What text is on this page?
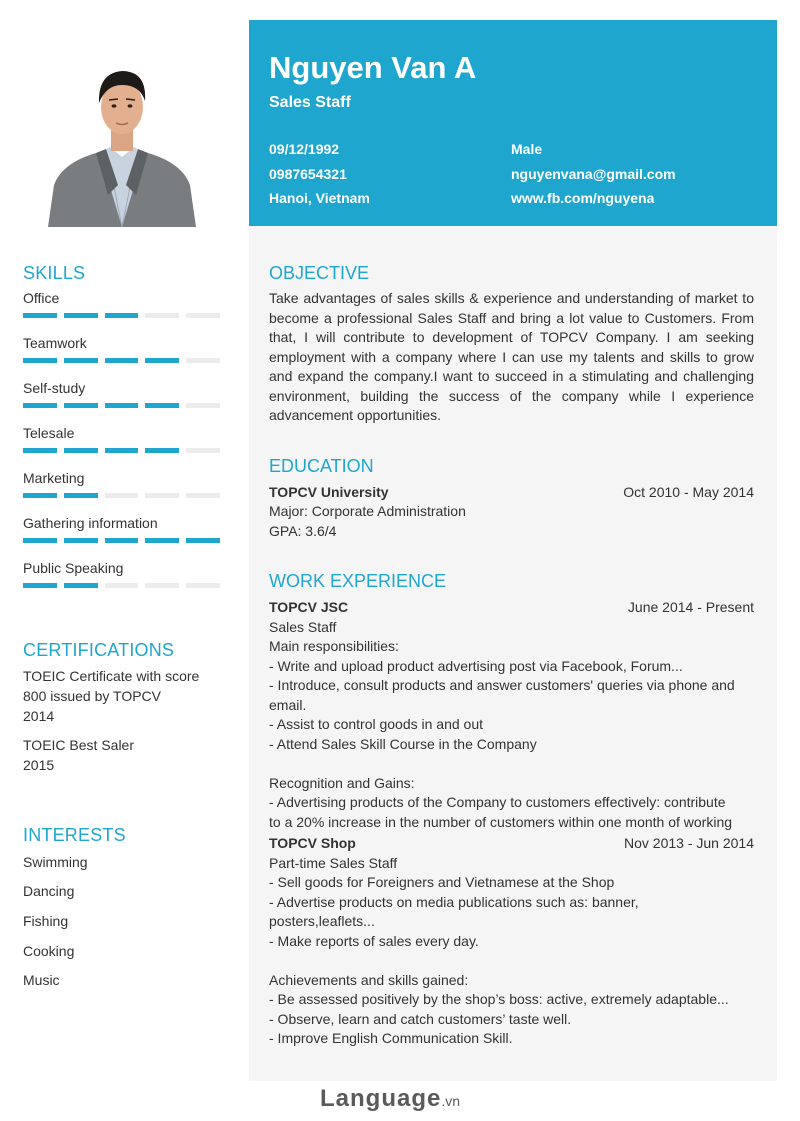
SKILLS
Office
Teamwork
Self-study
Telesale
Marketing
Gathering information
Public Speaking
CERTIFICATIONS
TOEIC Certificate with score
800 issued by TOPCV
2014
TOEIC Best Saler
2015
INTERESTS
Swimming
Dancing
Fishing
Cooking
Music
Nguyen Van A
Sales Staff
09/12/1992	Male
0987654321	nguyenvana@gmail.com
Hanoi, Vietnam	www.fb.com/nguyena
OBJECTIVE
Take advantages of sales skills & experience and understanding of market to become a professional Sales Staff and bring a lot value to Customers. From that, I will contribute to development of TOPCV Company. I am seeking employment with a company where I can use my talents and skills to grow and expand the company.I want to succeed in a stimulating and challenging environment, building the success of the company while I experience advancement opportunities.
EDUCATION
TOPCV University	Oct 2010 - May 2014
Major: Corporate Administration
GPA: 3.6/4
WORK EXPERIENCE
TOPCV JSC	June 2014 - Present
Sales Staff
Main responsibilities:
- Write and upload product advertising post via Facebook, Forum...
- Introduce, consult products and answer customers' queries via phone and
email.
- Assist to control goods in and out
- Attend Sales Skill Course in the Company
Recognition and Gains:
- Advertising products of the Company to customers effectively: contribute
to a 20% increase in the number of customers within one month of working
TOPCV Shop	Nov 2013 - Jun 2014
Part-time Sales Staff
- Sell goods for Foreigners and Vietnamese at the Shop
- Advertise products on media publications such as: banner,
posters,leaflets...
- Make reports of sales every day.
Achievements and skills gained:
- Be assessed positively by the shop’s boss: active, extremely adaptable...
- Observe, learn and catch customers’ taste well.
- Improve English Communication Skill.
Language.vn
